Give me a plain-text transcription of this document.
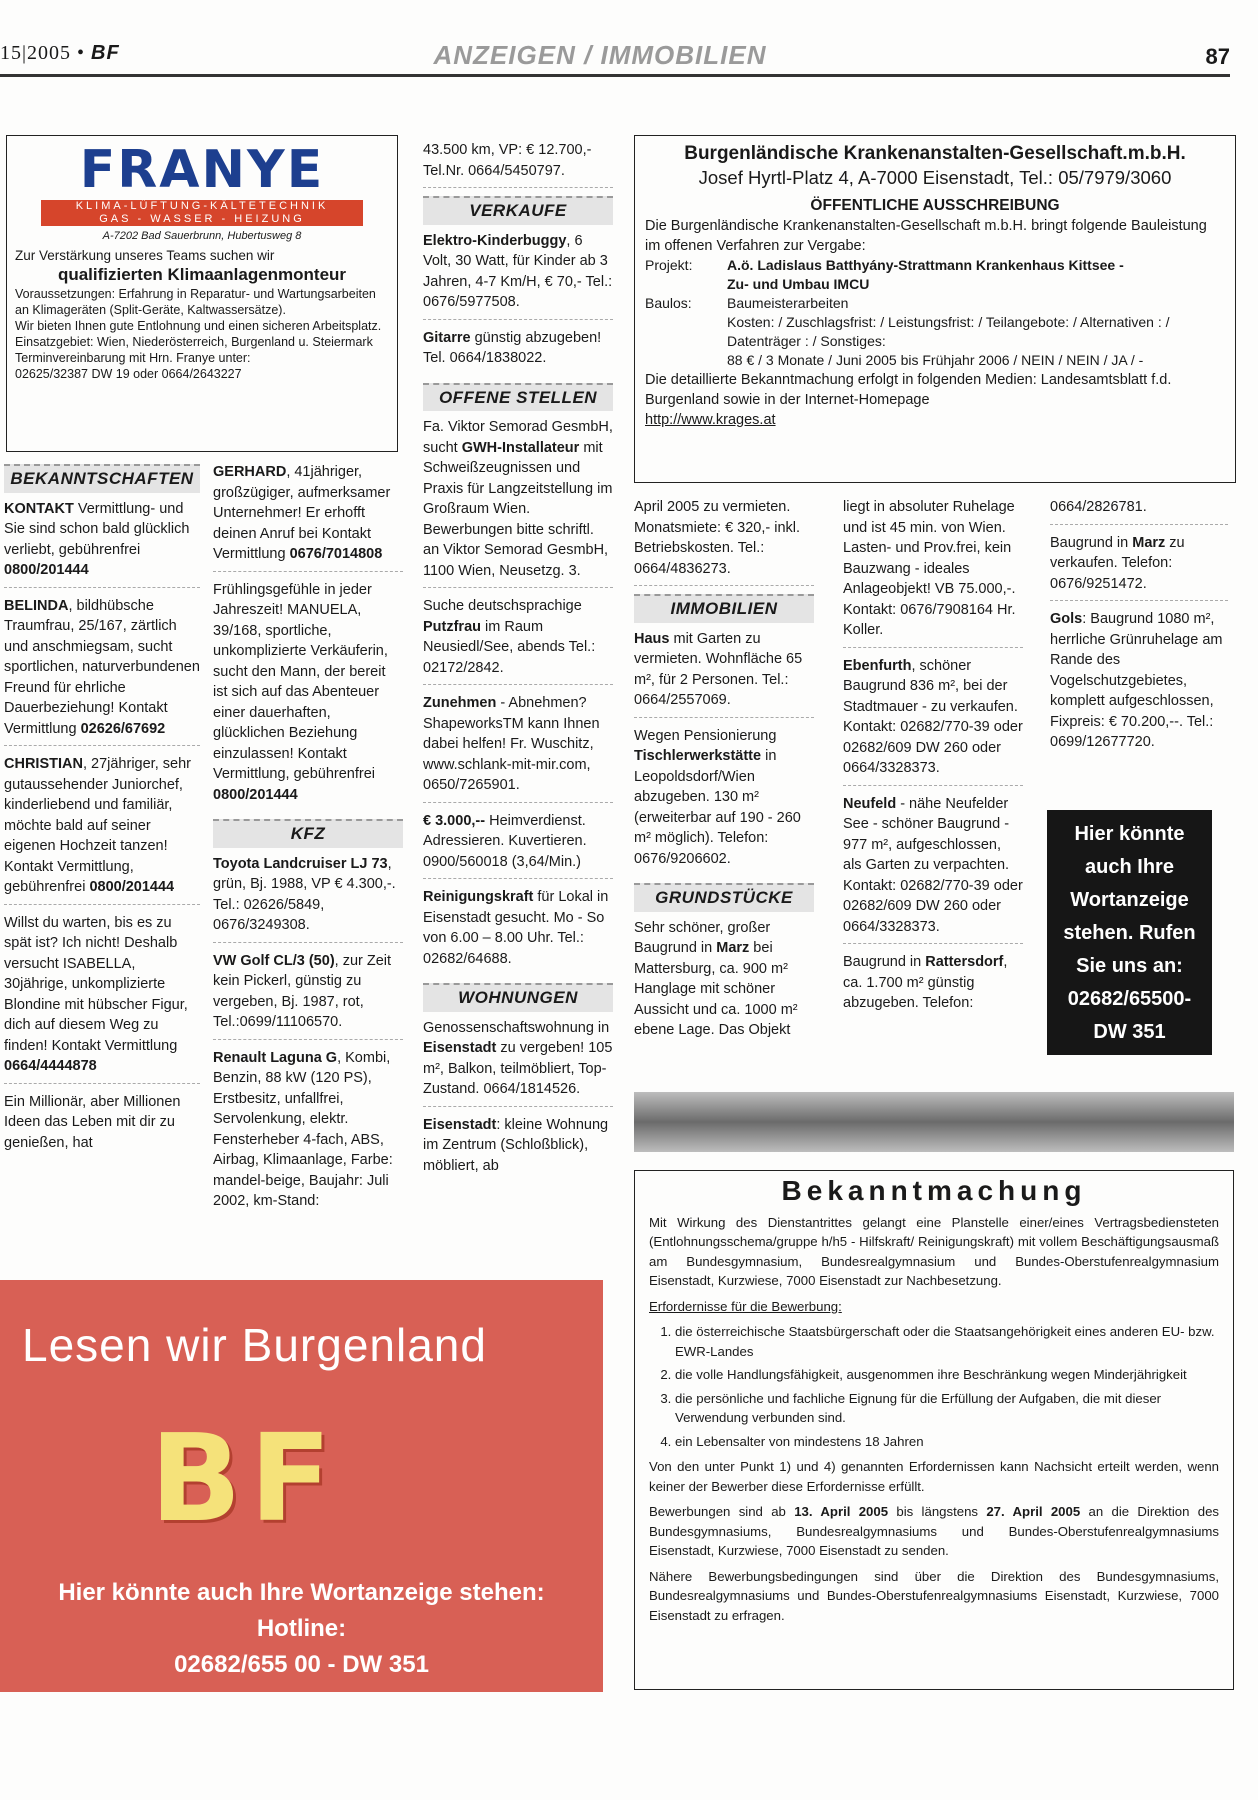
15|2005 • BF	ANZEIGEN / IMMOBILIEN	87
FRANYE
KLIMA-LÜFTUNG-KÄLTETECHNIK
GAS - WASSER - HEIZUNG
A-7202 Bad Sauerbrunn, Hubertusweg 8
Zur Verstärkung unseres Teams suchen wir
qualifizierten Klimaanlagenmonteur
Voraussetzungen: Erfahrung in Reparatur- und Wartungsarbeiten an Klimageräten (Split-Geräte, Kaltwassersätze).
Wir bieten Ihnen gute Entlohnung und einen sicheren Arbeitsplatz. Einsatzgebiet: Wien, Niederösterreich, Burgenland u. Steiermark
Terminvereinbarung mit Hrn. Franye unter:
02625/32387 DW 19 oder 0664/2643227
BEKANNTSCHAFTEN

KONTAKT Vermittlung- und Sie sind schon bald glücklich verliebt, gebührenfrei 0800/201444

BELINDA, bildhübsche Traumfrau, 25/167, zärtlich und anschmiegsam, sucht sportlichen, naturverbundenen Freund für ehrliche Dauerbeziehung! Kontakt Vermittlung 02626/67692

CHRISTIAN, 27jähriger, sehr gutaussehender Juniorchef, kinderliebend und familiär, möchte bald auf seiner eigenen Hochzeit tanzen! Kontakt Vermittlung, gebührenfrei 0800/201444

Willst du warten, bis es zu spät ist? Ich nicht! Deshalb versucht ISABELLA, 30jährige, unkomplizierte Blondine mit hübscher Figur, dich auf diesem Weg zu finden! Kontakt Vermittlung 0664/4444878

Ein Millionär, aber Millionen Ideen das Leben mit dir zu genießen, hat

GERHARD, 41jähriger, großzügiger, aufmerksamer Unternehmer! Er erhofft deinen Anruf bei Kontakt Vermittlung 0676/7014808

Frühlingsgefühle in jeder Jahreszeit! MANUELA, 39/168, sportliche, unkomplizierte Verkäuferin, sucht den Mann, der bereit ist sich auf das Abenteuer einer dauerhaften, glücklichen Beziehung einzulassen! Kontakt Vermittlung, gebührenfrei 0800/201444

KFZ

Toyota Landcruiser LJ 73, grün, Bj. 1988, VP € 4.300,-. Tel.: 02626/5849, 0676/3249308.

VW Golf CL/3 (50), zur Zeit kein Pickerl, günstig zu vergeben, Bj. 1987, rot, Tel.:0699/11106570.

Renault Laguna G, Kombi, Benzin, 88 kW (120 PS), Erstbesitz, unfallfrei, Servolenkung, elektr. Fensterheber 4-fach, ABS, Airbag, Klimaanlage, Farbe: mandel-beige, Baujahr: Juli 2002, km-Stand:

43.500 km, VP: € 12.700,- Tel.Nr. 0664/5450797.

VERKAUFE

Elektro-Kinderbuggy, 6 Volt, 30 Watt, für Kinder ab 3 Jahren, 4-7 Km/H, € 70,- Tel.: 0676/5977508.

Gitarre günstig abzugeben! Tel. 0664/1838022.

OFFENE STELLEN

Fa. Viktor Semorad GesmbH, sucht GWH-Installateur mit Schweißzeugnissen und Praxis für Langzeitstellung im Großraum Wien. Bewerbungen bitte schriftl. an Viktor Semorad GesmbH, 1100 Wien, Neusetzg. 3.

Suche deutschsprachige Putzfrau im Raum Neusiedl/See, abends Tel.: 02172/2842.

Zunehmen - Abnehmen? ShapeworksTM kann Ihnen dabei helfen! Fr. Wuschitz, www.schlank-mit-mir.com, 0650/7265901.

€ 3.000,-- Heimverdienst. Adressieren. Kuvertieren. 0900/560018 (3,64/Min.)

Reinigungskraft für Lokal in Eisenstadt gesucht. Mo - So von 6.00 – 8.00 Uhr. Tel.: 02682/64688.

WOHNUNGEN

Genossenschaftswohnung in Eisenstadt zu vergeben! 105 m², Balkon, teilmöbliert, Top-Zustand. 0664/1814526.

Eisenstadt: kleine Wohnung im Zentrum (Schloßblick), möbliert, ab

Burgenländische Krankenanstalten-Gesellschaft.m.b.H.
Josef Hyrtl-Platz 4, A-7000 Eisenstadt, Tel.: 05/7979/3060
ÖFFENTLICHE AUSSCHREIBUNG
Die Burgenländische Krankenanstalten-Gesellschaft m.b.H. bringt folgende Bauleistung im offenen Verfahren zur Vergabe:
Projekt:	A.ö. Ladislaus Batthyány-Strattmann Krankenhaus Kittsee -
Zu- und Umbau IMCU
Baulos:	Baumeisterarbeiten
Kosten: / Zuschlagsfrist: / Leistungsfrist: / Teilangebote: / Alternativen : / Datenträger : / Sonstiges:
88 € / 3 Monate / Juni 2005 bis Frühjahr 2006 / NEIN / NEIN / JA / -
Die detaillierte Bekanntmachung erfolgt in folgenden Medien: Landesamtsblatt f.d. Burgenland sowie in der Internet-Homepage
http://www.krages.at

April 2005 zu vermieten. Monatsmiete: € 320,- inkl. Betriebskosten. Tel.: 0664/4836273.

IMMOBILIEN

Haus mit Garten zu vermieten. Wohnfläche 65 m², für 2 Personen. Tel.: 0664/2557069.

Wegen Pensionierung Tischlerwerkstätte in Leopoldsdorf/Wien abzugeben. 130 m² (erweiterbar auf 190 - 260 m² möglich). Telefon: 0676/9206602.

GRUNDSTÜCKE

Sehr schöner, großer Baugrund in Marz bei Mattersburg, ca. 900 m² Hanglage mit schöner Aussicht und ca. 1000 m² ebene Lage. Das Objekt

liegt in absoluter Ruhelage und ist 45 min. von Wien. Lasten- und Prov.frei, kein Bauzwang - ideales Anlageobjekt! VB 75.000,-. Kontakt: 0676/7908164 Hr. Koller.

Ebenfurth, schöner Baugrund 836 m², bei der Stadtmauer - zu verkaufen. Kontakt: 02682/770-39 oder 02682/609 DW 260 oder 0664/3328373.

Neufeld - nähe Neufelder See - schöner Baugrund - 977 m², aufgeschlossen, als Garten zu verpachten. Kontakt: 02682/770-39 oder 02682/609 DW 260 oder 0664/3328373.

Baugrund in Rattersdorf, ca. 1.700 m² günstig abzugeben. Telefon:

0664/2826781.

Baugrund in Marz zu verkaufen. Telefon: 0676/9251472.

Gols: Baugrund 1080 m², herrliche Grünruhelage am Rande des Vogelschutzgebietes, komplett aufgeschlossen, Fixpreis: € 70.200,--. Tel.: 0699/12677720.

Hier könnte
auch Ihre
Wortanzeige
stehen. Rufen
Sie uns an:
02682/65500-
DW 351
Lesen wir Burgenland
BF
Hier könnte auch Ihre Wortanzeige stehen:
Hotline:
02682/655 00 - DW 351
Bekanntmachung

Mit Wirkung des Dienstantrittes gelangt eine Planstelle einer/eines Vertragsbediensteten (Entlohnungsschema/gruppe h/h5 - Hilfskraft/ Reinigungskraft) mit vollem Beschäftigungsausmaß am Bundesgymnasium, Bundesrealgymnasium und Bundes-Oberstufenrealgymnasium Eisenstadt, Kurzwiese, 7000 Eisenstadt zur Nachbesetzung.

Erfordernisse für die Bewerbung:

1. die österreichische Staatsbürgerschaft oder die Staatsangehörigkeit eines anderen EU- bzw. EWR-Landes
2. die volle Handlungsfähigkeit, ausgenommen ihre Beschränkung wegen Minderjährigkeit
3. die persönliche und fachliche Eignung für die Erfüllung der Aufgaben, die mit dieser Verwendung verbunden sind.
4. ein Lebensalter von mindestens 18 Jahren

Von den unter Punkt 1) und 4) genannten Erfordernissen kann Nachsicht erteilt werden, wenn keiner der Bewerber diese Erfordernisse erfüllt.

Bewerbungen sind ab 13. April 2005 bis längstens 27. April 2005 an die Direktion des Bundesgymnasiums, Bundesrealgymnasiums und Bundes-Oberstufenrealgymnasiums Eisenstadt, Kurzwiese, 7000 Eisenstadt zu senden.

Nähere Bewerbungsbedingungen sind über die Direktion des Bundesgymnasiums, Bundesrealgymnasiums und Bundes-Oberstufenrealgymnasiums Eisenstadt, Kurzwiese, 7000 Eisenstadt zu erfragen.
